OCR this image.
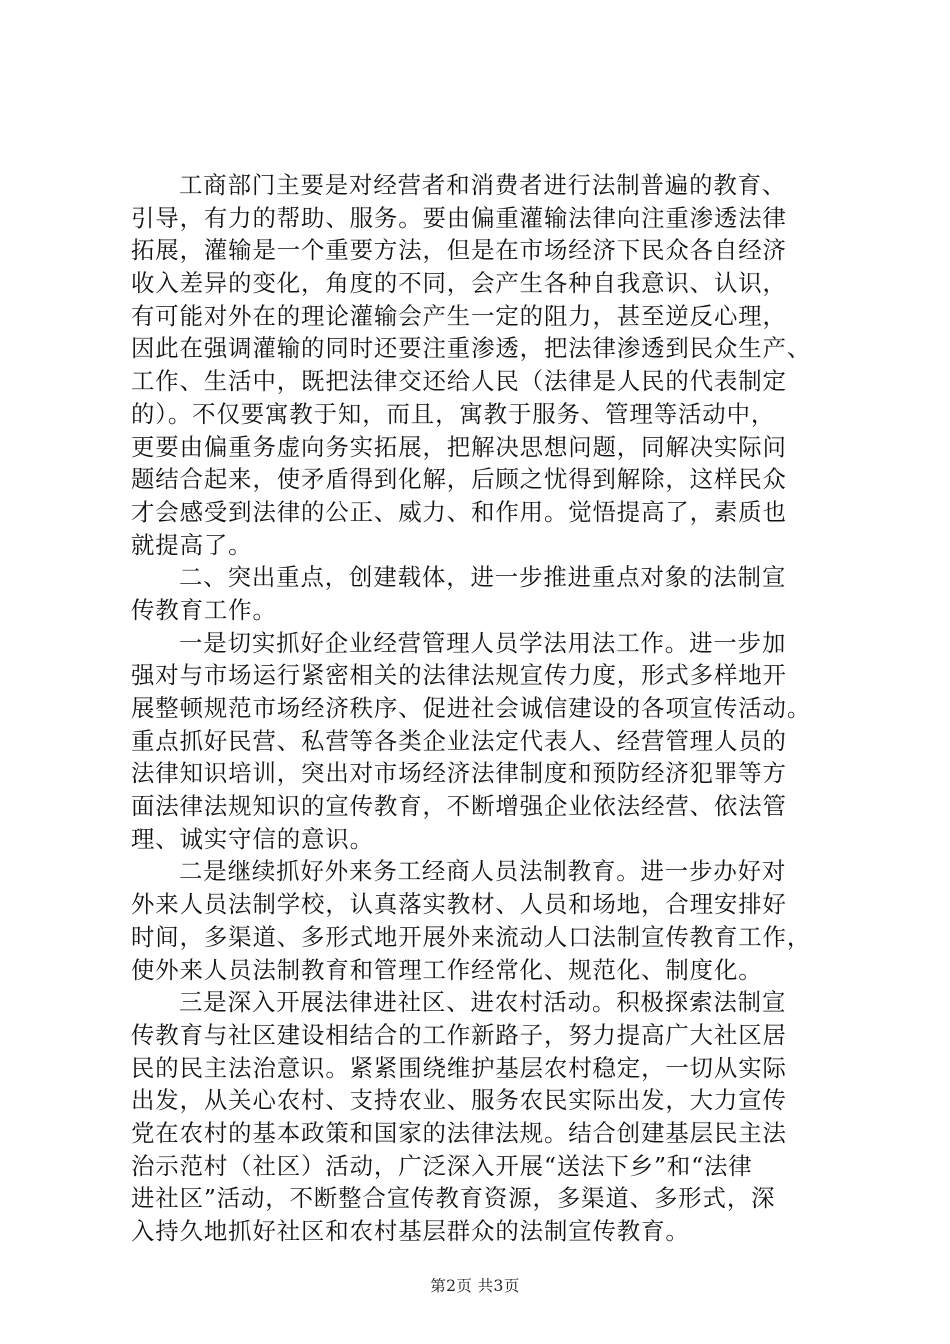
工商部门主要是对经营者和消费者进行法制普遍的教育、
引导，有力的帮助、服务。要由偏重灌输法律向注重渗透法律
拓展，灌输是一个重要方法，但是在市场经济下民众各自经济
收入差异的变化，角度的不同，会产生各种自我意识、认识，
有可能对外在的理论灌输会产生一定的阻力，甚至逆反心理，
因此在强调灌输的同时还要注重渗透，把法律渗透到民众生产、
工作、生活中，既把法律交还给人民（法律是人民的代表制定
的）。不仅要寓教于知，而且，寓教于服务、管理等活动中，
更要由偏重务虚向务实拓展，把解决思想问题，同解决实际问
题结合起来，使矛盾得到化解，后顾之忧得到解除，这样民众
才会感受到法律的公正、威力、和作用。觉悟提高了，素质也
就提高了。
二、突出重点，创建载体，进一步推进重点对象的法制宣
传教育工作。
一是切实抓好企业经营管理人员学法用法工作。进一步加
强对与市场运行紧密相关的法律法规宣传力度，形式多样地开
展整顿规范市场经济秩序、促进社会诚信建设的各项宣传活动。
重点抓好民营、私营等各类企业法定代表人、经营管理人员的
法律知识培训，突出对市场经济法律制度和预防经济犯罪等方
面法律法规知识的宣传教育，不断增强企业依法经营、依法管
理、诚实守信的意识。
二是继续抓好外来务工经商人员法制教育。进一步办好对
外来人员法制学校，认真落实教材、人员和场地，合理安排好
时间，多渠道、多形式地开展外来流动人口法制宣传教育工作，
使外来人员法制教育和管理工作经常化、规范化、制度化。
三是深入开展法律进社区、进农村活动。积极探索法制宣
传教育与社区建设相结合的工作新路子，努力提高广大社区居
民的民主法治意识。紧紧围绕维护基层农村稳定，一切从实际
出发，从关心农村、支持农业、服务农民实际出发，大力宣传
党在农村的基本政策和国家的法律法规。结合创建基层民主法
治示范村（社区）活动，广泛深入开展“送法下乡”和“法律
进社区”活动，不断整合宣传教育资源，多渠道、多形式，深
入持久地抓好社区和农村基层群众的法制宣传教育。
第2页 共3页
